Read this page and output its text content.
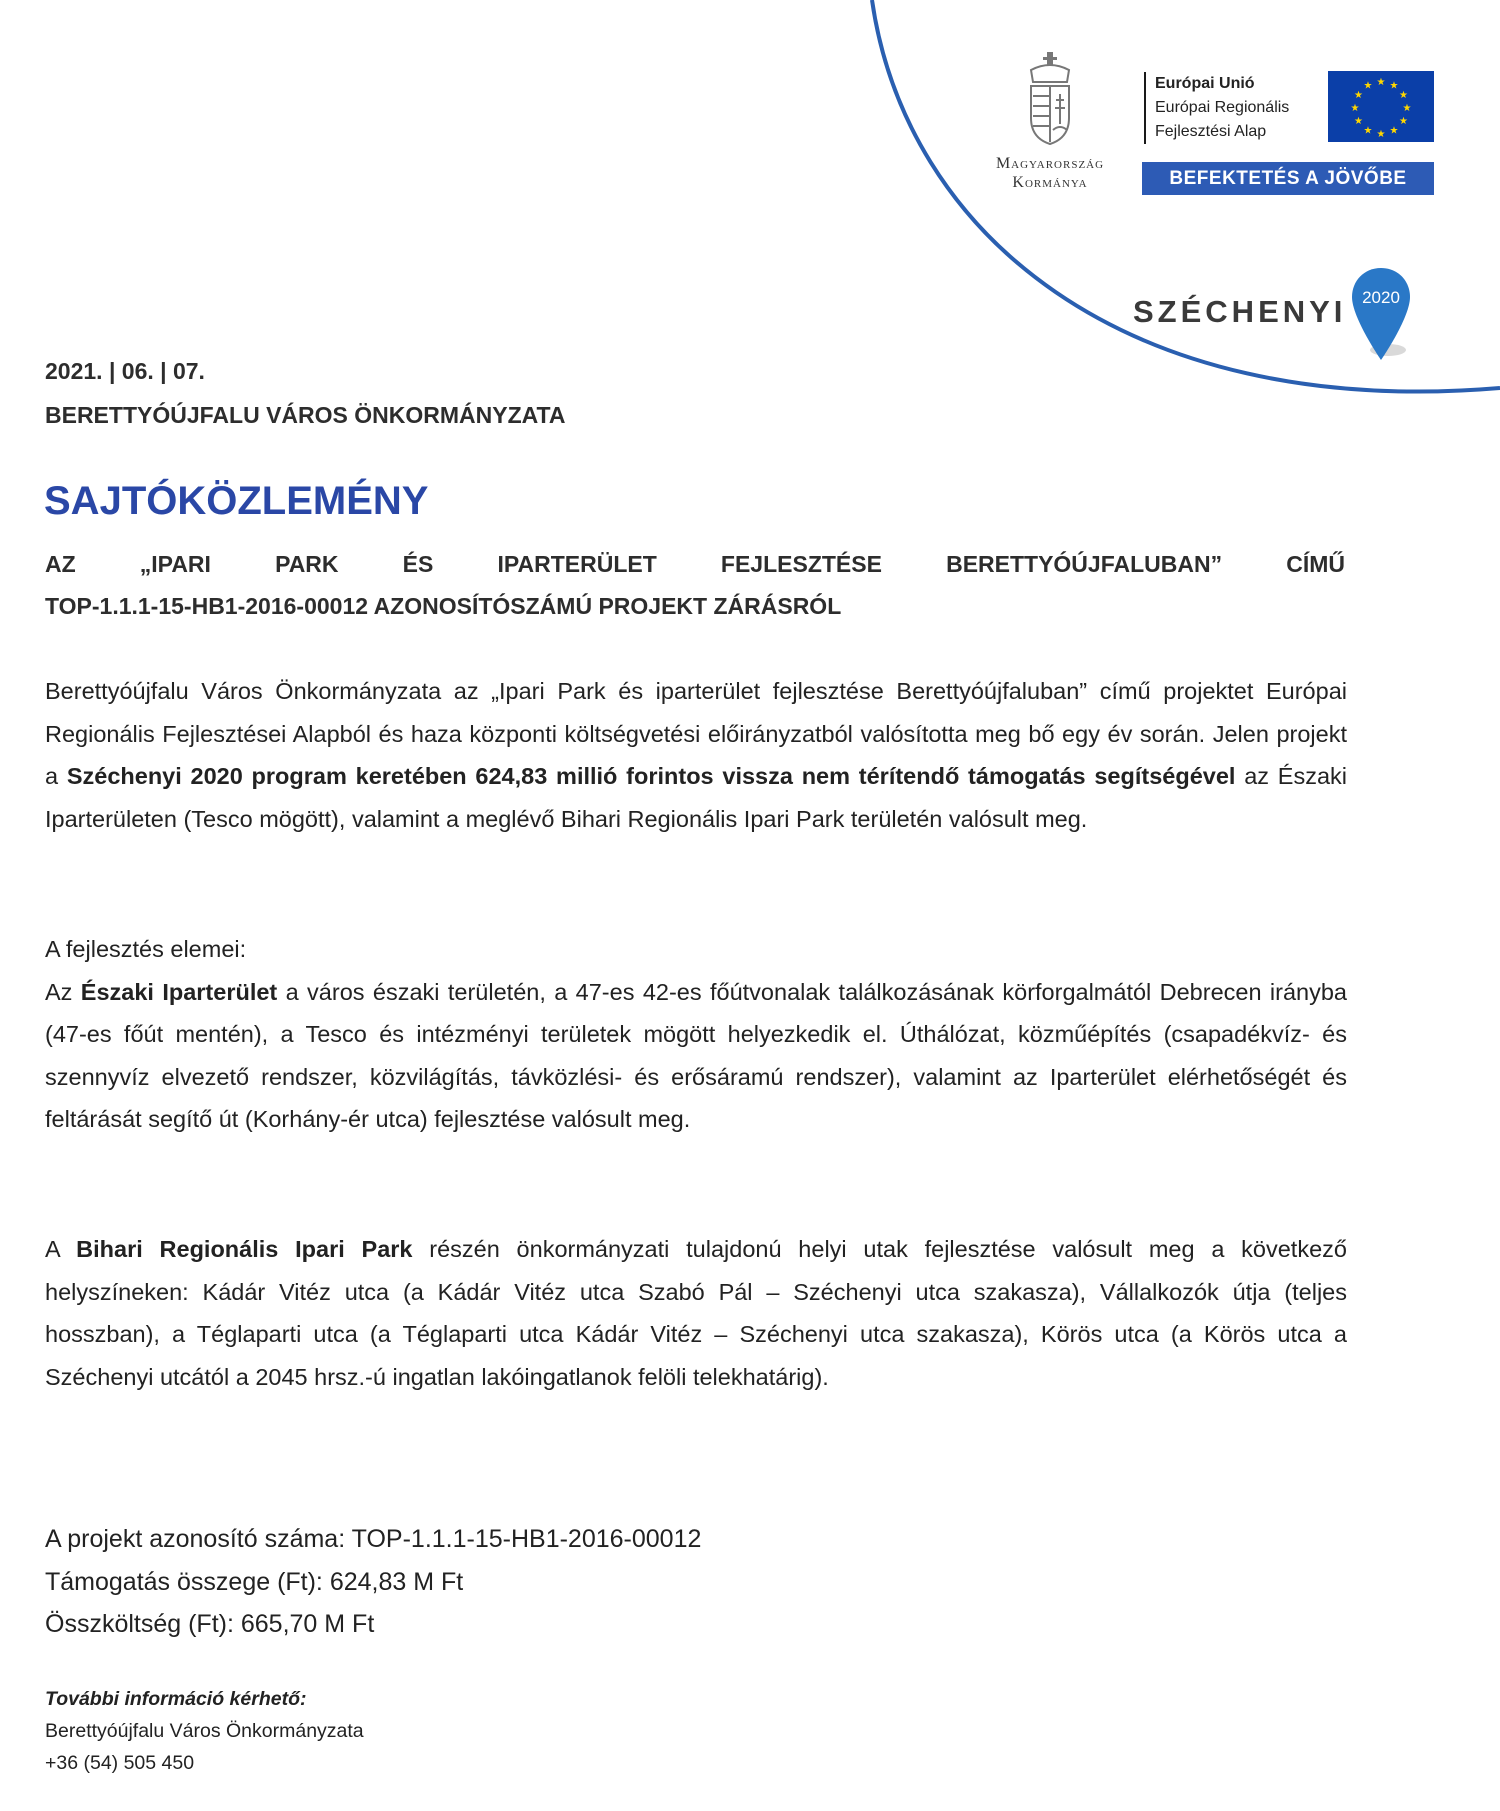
Magyarország
Kormánya
Európai Unió
Európai Regionális
Fejlesztési Alap
★ ★
★
★
★
★
★
★
★
★
★
★
BEFEKTETÉS A JÖVŐBE
SZÉCHENYI 2020
2021. | 06. | 07.
BERETTYÓÚJFALU VÁROS ÖNKORMÁNYZATA
SAJTÓKÖZLEMÉNY
AZ „IPARI PARK ÉS IPARTERÜLET FEJLESZTÉSE BERETTYÓÚJFALUBAN” CÍMŰ
TOP-1.1.1-15-HB1-2016-00012 AZONOSÍTÓSZÁMÚ PROJEKT ZÁRÁSRÓL
Berettyóújfalu Város Önkormányzata az „Ipari Park és iparterület fejlesztése Berettyóújfaluban” című projektet Európai Regionális Fejlesztései Alapból és haza központi költségvetési előirányzatból valósította meg bő egy év során. Jelen projekt a Széchenyi 2020 program keretében 624,83 millió forintos vissza nem térítendő támogatás segítségével az Északi Iparterületen (Tesco mögött), valamint a meglévő Bihari Regionális Ipari Park területén valósult meg.
A fejlesztés elemei:
Az Északi Iparterület a város északi területén, a 47-es 42-es főútvonalak találkozásának körforgalmától Debrecen irányba (47-es főút mentén), a Tesco és intézményi területek mögött helyezkedik el. Úthálózat, közműépítés (csapadékvíz- és szennyvíz elvezető rendszer, közvilágítás, távközlési- és erősáramú rendszer), valamint az Iparterület elérhetőségét és feltárását segítő út (Korhány-ér utca) fejlesztése valósult meg.
A Bihari Regionális Ipari Park részén önkormányzati tulajdonú helyi utak fejlesztése valósult meg a következő helyszíneken: Kádár Vitéz utca (a Kádár Vitéz utca Szabó Pál – Széchenyi utca szakasza), Vállalkozók útja (teljes hosszban), a Téglaparti utca (a Téglaparti utca Kádár Vitéz – Széchenyi utca szakasza), Körös utca (a Körös utca a Széchenyi utcától a 2045 hrsz.-ú ingatlan lakóingatlanok felöli telekhatárig).
A projekt azonosító száma: TOP-1.1.1-15-HB1-2016-00012
Támogatás összege (Ft): 624,83 M Ft
Összköltség (Ft): 665,70 M Ft
További információ kérhető:
Berettyóújfalu Város Önkormányzata
+36 (54) 505 450
